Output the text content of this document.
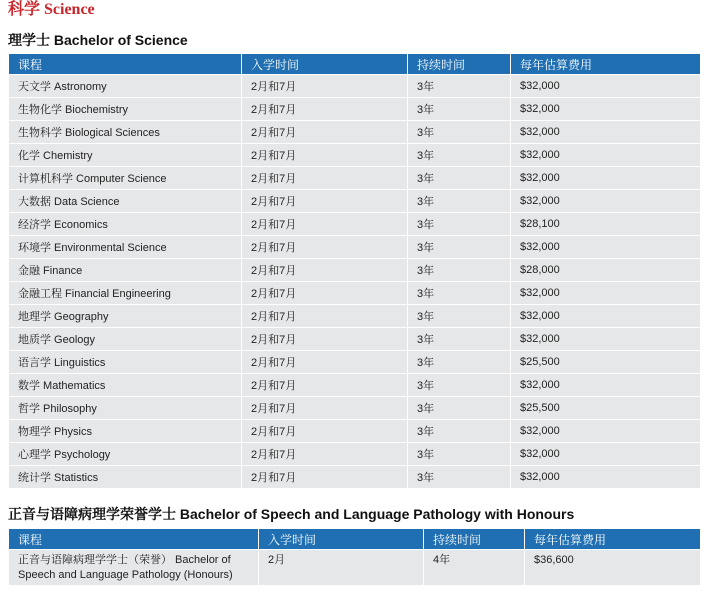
科学 Science
理学士 Bachelor of Science
课程	入学时间	持续时间	每年估算费用
天文学 Astronomy	2月和7月	3年	$32,000
生物化学 Biochemistry	2月和7月	3年	$32,000
生物科学 Biological Sciences	2月和7月	3年	$32,000
化学 Chemistry	2月和7月	3年	$32,000
计算机科学 Computer Science	2月和7月	3年	$32,000
大数据 Data Science	2月和7月	3年	$32,000
经济学 Economics	2月和7月	3年	$28,100
环境学 Environmental Science	2月和7月	3年	$32,000
金融 Finance	2月和7月	3年	$28,000
金融工程 Financial Engineering	2月和7月	3年	$32,000
地理学 Geography	2月和7月	3年	$32,000
地质学 Geology	2月和7月	3年	$32,000
语言学 Linguistics	2月和7月	3年	$25,500
数学 Mathematics	2月和7月	3年	$32,000
哲学 Philosophy	2月和7月	3年	$25,500
物理学 Physics	2月和7月	3年	$32,000
心理学 Psychology	2月和7月	3年	$32,000
统计学 Statistics	2月和7月	3年	$32,000
正音与语障病理学荣誉学士 Bachelor of Speech and Language Pathology with Honours
课程	入学时间	持续时间	每年估算费用
正音与语障病理学学士（荣誉） Bachelor of Speech and Language Pathology (Honours)	2月	4年	$36,600
